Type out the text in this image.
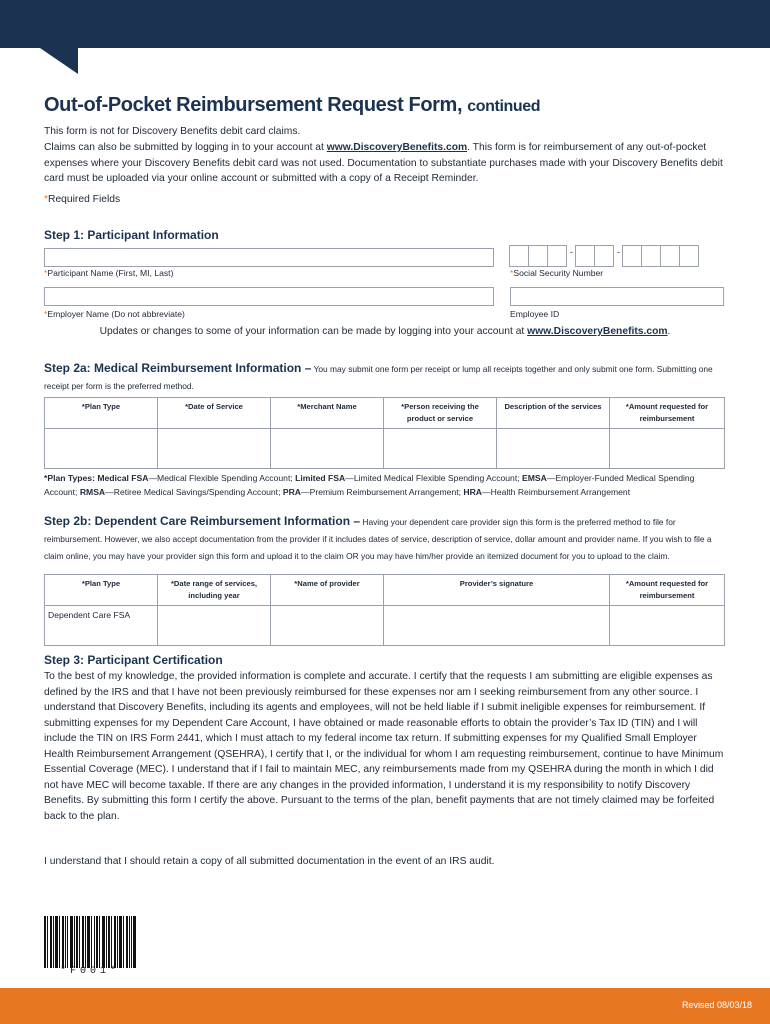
Out-of-Pocket Reimbursement Request Form, continued

This form is not for Discovery Benefits debit card claims.

Claims can also be submitted by logging in to your account at www.DiscoveryBenefits.com. This form is for reimbursement of any out-of-pocket expenses where your Discovery Benefits debit card was not used. Documentation to substantiate purchases made with your Discovery Benefits debit card must be uploaded via your online account or submitted with a copy of a Receipt Reminder.

*Required Fields

Step 1: Participant Information
*Participant Name (First, MI, Last)
-	-
*Social Security Number
*Employer Name (Do not abbreviate)	Employee ID
Updates or changes to some of your information can be made by logging into your account at www.DiscoveryBenefits.com.

Step 2a: Medical Reimbursement Information – You may submit one form per receipt or lump all receipts together and only submit one form. Submitting one receipt per form is the preferred method.

*Plan Type	*Date of Service	*Merchant Name	*Person receiving the product or service	Description of the services	*Amount requested for reimbursement

*Plan Types: Medical FSA—Medical Flexible Spending Account; Limited FSA—Limited Medical Flexible Spending Account; EMSA—Employer-Funded Medical Spending Account; RMSA—Retiree Medical Savings/Spending Account; PRA—Premium Reimbursement Arrangement; HRA—Health Reimbursement Arrangement

Step 2b: Dependent Care Reimbursement Information – Having your dependent care provider sign this form is the preferred method to file for reimbursement. However, we also accept documentation from the provider if it includes dates of service, description of service, dollar amount and provider name. If you wish to file a claim online, you may have your provider sign this form and upload it to the claim OR you may have him/her provide an itemized document for you to upload to the claim.

*Plan Type	*Date range of services, including year	*Name of provider	Provider’s signature	*Amount requested for reimbursement
Dependent Care FSA				
Step 3: Participant Certification

To the best of my knowledge, the provided information is complete and accurate. I certify that the requests I am submitting are eligible expenses as defined by the IRS and that I have not been previously reimbursed for these expenses nor am I seeking reimbursement from any other source. I understand that Discovery Benefits, including its agents and employees, will not be held liable if I submit ineligible expenses for reimbursement. If submitting expenses for my Dependent Care Account, I have obtained or made reasonable efforts to obtain the provider’s Tax ID (TIN) and I will include the TIN on IRS Form 2441, which I must attach to my federal income tax return. If submitting expenses for my Qualified Small Employer Health Reimbursement Arrangement (QSEHRA), I certify that I, or the individual for whom I am requesting reimbursement, continue to have Minimum Essential Coverage (MEC). I understand that if I fail to maintain MEC, any reimbursements made from my QSEHRA during the month in which I did not have MEC will become taxable. If there are any changes in the provided information, I understand it is my responsibility to notify Discovery Benefits. By submitting this form I certify the above. Pursuant to the terms of the plan, benefit payments that are not timely claimed may be forfeited back to the plan.

I understand that I should retain a copy of all submitted documentation in the event of an IRS audit.
*F001*
Revised 08/03/18
